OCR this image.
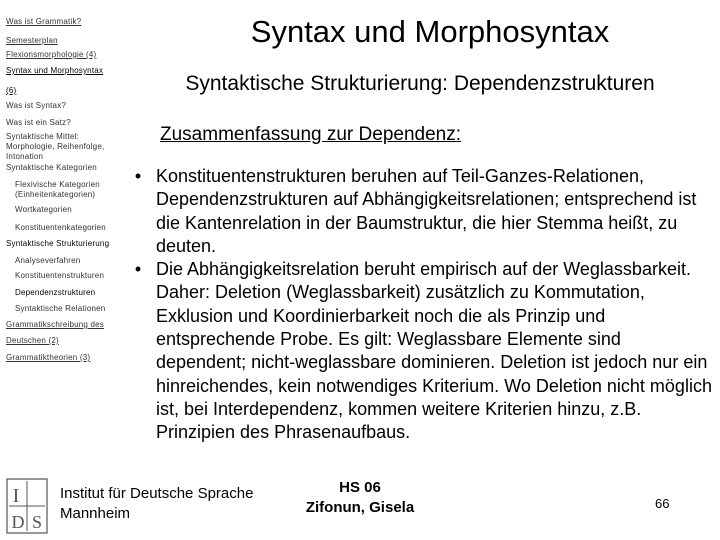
Was ist Grammatik?
Semesterplan
Flexionsmorphologie (4)
Syntax und Morphosyntax
(6)
Was ist Syntax?
Was ist ein Satz?
Syntaktische Mittel: Morphologie, Reihenfolge, Intonation
Syntaktische Kategorien
Flexivische Kategorien (Einheitenkategorien)
Wortkategorien
Konstituentenkategorien
Syntaktische Strukturierung
Analyseverfahren
Konstituentenstrukturen
Dependenzstrukturen
Syntaktische Relationen
Grammatikschreibung des
Deutschen (2)
Grammatiktheorien (3)
Syntax und Morphosyntax
Syntaktische Strukturierung: Dependenzstrukturen
Zusammenfassung zur Dependenz:
• Konstituentenstrukturen beruhen auf Teil-Ganzes-Relationen, Dependenzstrukturen auf Abhängigkeitsrelationen; entsprechend ist die Kantenrelation in der Baumstruktur, die hier Stemma heißt, zu deuten.
• Die Abhängigkeitsrelation beruht empirisch auf der Weglassbarkeit. Daher: Deletion (Weglassbarkeit) zusätzlich zu Kommutation, Exklusion und Koordinierbarkeit noch die als Prinzip und entsprechende Probe. Es gilt: Weglassbare Elemente sind dependent; nicht-weglassbare dominieren. Deletion ist jedoch nur ein hinreichendes, kein notwendiges Kriterium. Wo Deletion nicht möglich ist, bei Interdependenz, kommen weitere Kriterien hinzu, z.B. Prinzipien des Phrasenaufbaus.
I
S
D
Institut für Deutsche Sprache
Mannheim
HS 06
Zifonun, Gisela	66
